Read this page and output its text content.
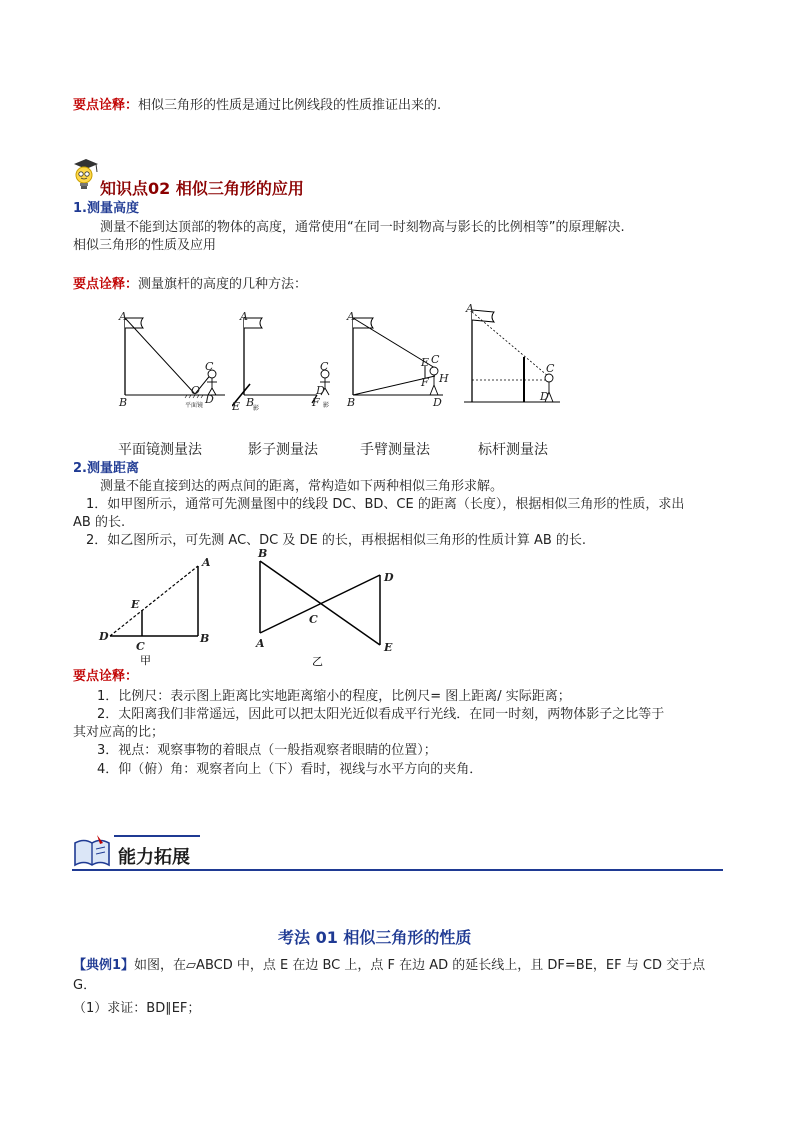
要点诠释：相似三角形的性质是通过比例线段的性质推证出来的.
知识点02 相似三角形的应用
1.测量高度
测量不能到达顶部的物体的高度，通常使用“在同一时刻物高与影长的比例相等”的原理解决.
相似三角形的性质及应用
要点诠释：测量旗杆的高度的几种方法：
A
B
O
C
D
平面镜
A
E B	F
C
D
影	影
A
B
E C
F H
D
A
C
D
平面镜测量法	影子测量法	手臂测量法	标杆测量法
2.测量距离
测量不能直接到达的两点间的距离，常构造如下两种相似三角形求解。
1．如甲图所示，通常可先测量图中的线段 DC、BD、CE 的距离（长度），根据相似三角形的性质，求出
AB 的长.
2．如乙图所示，可先测 AC、DC 及 DE 的长，再根据相似三角形的性质计算 AB 的长.
A
E
D
C
B
甲
B
D
C
A	E
乙
要点诠释：
1．比例尺：表示图上距离比实地距离缩小的程度，比例尺= 图上距离/ 实际距离；
2．太阳离我们非常遥远，因此可以把太阳光近似看成平行光线．在同一时刻，两物体影子之比等于
其对应高的比；
3．视点：观察事物的着眼点（一般指观察者眼睛的位置）；
4．仰（俯）角：观察者向上（下）看时，视线与水平方向的夹角．
能力拓展
考法 01 相似三角形的性质
【典例1】如图，在▱ABCD 中，点 E 在边 BC 上，点 F 在边 AD 的延长线上，且 DF=BE，EF 与 CD 交于点
G．
（1）求证：BD∥EF；
